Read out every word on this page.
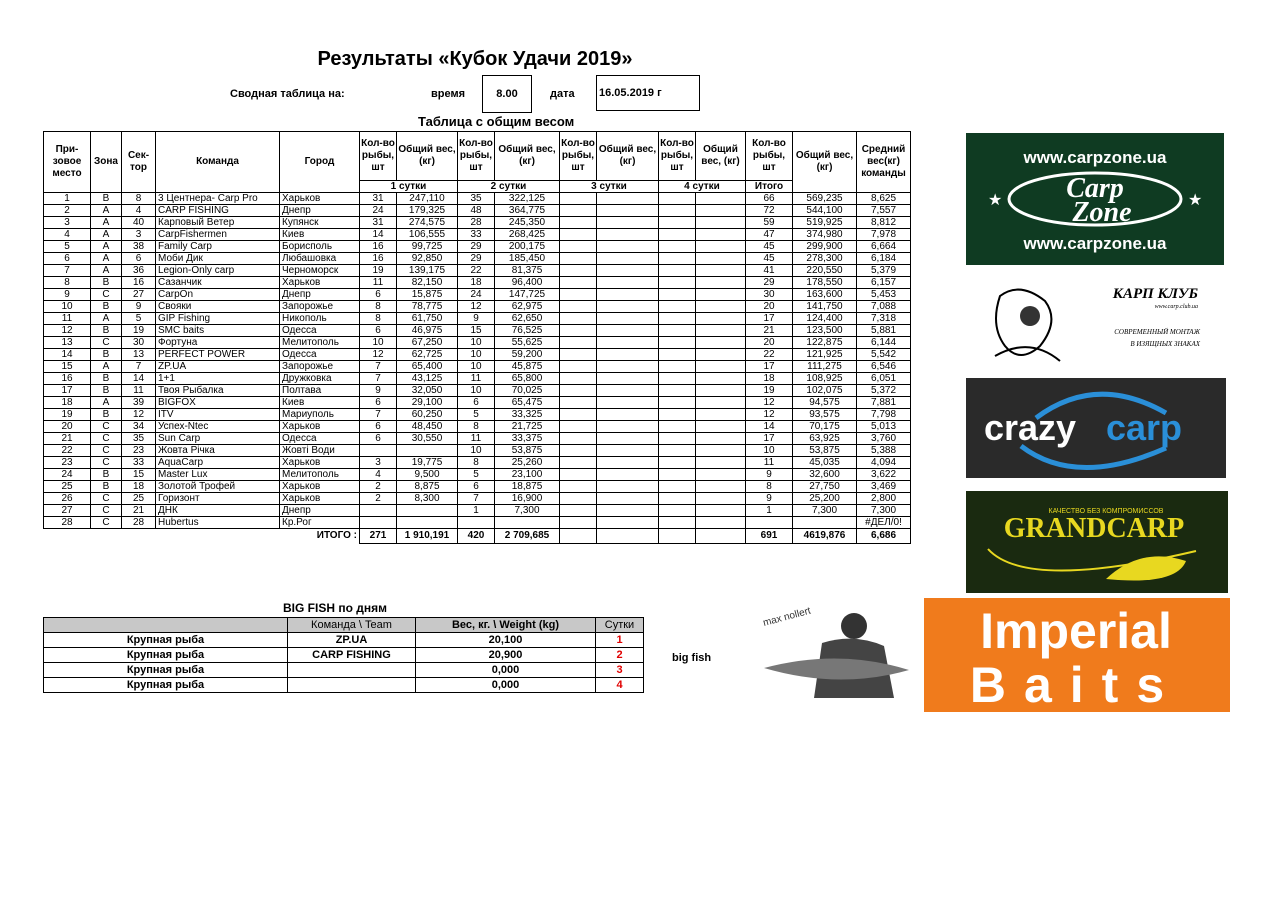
Результаты «Кубок Удачи 2019»
Сводная таблица на:	время	8.00	дата 16.05.2019 г
Таблица с общим весом
При-зовое место	Зона	Сек-тор	Команда	Город	Кол-во рыбы, шт	Общий вес, (кг)	Кол-во рыбы, шт	Общий вес, (кг)	Кол-во рыбы, шт	Общий вес, (кг)	Кол-во рыбы, шт	Общий вес, (кг)	Кол-во рыбы, шт	Общий вес, (кг)	Средний вес(кг) команды
					1 сутки		2 сутки		3 сутки		4 сутки		Итого		
1	B	8	3 Центнера- Carp Pro	Харьков	31	247,110	35	322,125					66	569,235	8,625
2	A	4	CARP FISHING	Днепр	24	179,325	48	364,775					72	544,100	7,557
3	A	40	Карповый Ветер	Купянск	31	274,575	28	245,350					59	519,925	8,812
4	A	3	CarpFishermen	Киев	14	106,555	33	268,425					47	374,980	7,978
5	A	38	Family Carp	Борисполь	16	99,725	29	200,175					45	299,900	6,664
6	A	6	Моби Дик	Любашовка	16	92,850	29	185,450					45	278,300	6,184
7	A	36	Legion-Only carp	Черноморск	19	139,175	22	81,375					41	220,550	5,379
8	B	16	Сазанчик	Харьков	11	82,150	18	96,400					29	178,550	6,157
9	C	27	CarpOn	Днепр	6	15,875	24	147,725					30	163,600	5,453
10	B	9	Свояки	Запорожье	8	78,775	12	62,975					20	141,750	7,088
11	A	5	GIP Fishing	Никополь	8	61,750	9	62,650					17	124,400	7,318
12	B	19	SMC baits	Одесса	6	46,975	15	76,525					21	123,500	5,881
13	C	30	Фортуна	Мелитополь	10	67,250	10	55,625					20	122,875	6,144
14	B	13	PERFECT POWER	Одесса	12	62,725	10	59,200					22	121,925	5,542
15	A	7	ZP.UA	Запорожье	7	65,400	10	45,875					17	111,275	6,546
16	B	14	1+1	Дружковка	7	43,125	11	65,800					18	108,925	6,051
17	B	11	Твоя Рыбалка	Полтава	9	32,050	10	70,025					19	102,075	5,372
18	A	39	BIGFOX	Киев	6	29,100	6	65,475					12	94,575	7,881
19	B	12	ITV	Мариуполь	7	60,250	5	33,325					12	93,575	7,798
20	C	34	Успех-Ntec	Харьков	6	48,450	8	21,725					14	70,175	5,013
21	C	35	Sun Carp	Одесса	6	30,550	11	33,375					17	63,925	3,760
22	C	23	Жовта Річка	Жовті Води			10	53,875					10	53,875	5,388
23	C	33	AquaCarp	Харьков	3	19,775	8	25,260					11	45,035	4,094
24	B	15	Master Lux	Мелитополь	4	9,500	5	23,100					9	32,600	3,622
25	B	18	Золотой Трофей	Харьков	2	8,875	6	18,875					8	27,750	3,469
26	C	25	Горизонт	Харьков	2	8,300	7	16,900					9	25,200	2,800
27	C	21	ДНК	Днепр			1	7,300					1	7,300	7,300
28	C	28	Hubertus	Кр.Рог											#ДЕЛ/0!
ИТОГО :					271	1 910,191	420	2 709,685					691	4619,876	6,686
BIG FISH по дням
	Команда \ Team	Вес, кг. \ Weight (kg)	Сутки
Крупная рыба	ZP.UA	20,100	1
Крупная рыба	CARP FISHING	20,900	2
Крупная рыба		0,000	3
Крупная рыба		0,000	4
big fish
www.carpzone.ua
Carp
Zone
www.carpzone.ua
★	★
КАРП КЛУБ
www.carp.club.ua
СОВРЕМЕННЫЙ МОНТАЖ
В ИЗЯЩНЫХ ЗНАКАХ
crazy carp
КАЧЕСТВО БЕЗ КОМПРОМИССОВ
GRANDCARP
max nollert	Imperial
Baits
